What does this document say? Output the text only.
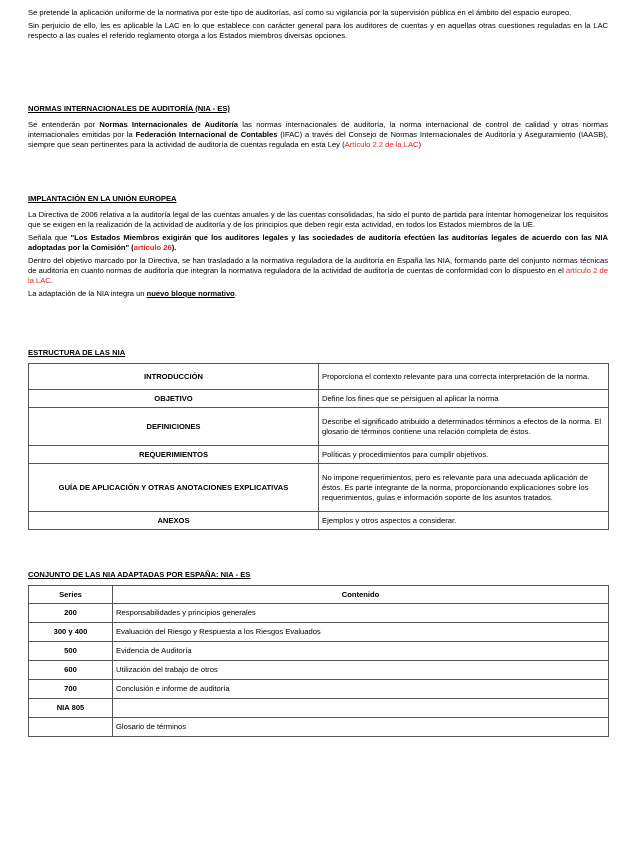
Se pretende la aplicación uniforme de la normativa por este tipo de auditorías, así como su vigilancia por la supervisión pública en el ámbito del espacio europeo.

Sin perjuicio de ello, les es aplicable la LAC en lo que establece con carácter general para los auditores de cuentas y en aquellas otras cuestiones reguladas en la LAC respecto a las cuales el referido reglamento otorga a los Estados miembros diversas opciones.

NORMAS INTERNACIONALES DE AUDITORÍA (NIA - ES)

Se entenderán por Normas Internacionales de Auditoría las normas internacionales de auditoría, la norma internacional de control de calidad y otras normas internacionales emitidas por la Federación Internacional de Contables (IFAC) a través del Consejo de Normas Internacionales de Auditoría y Aseguramiento (IAASB), siempre que sean pertinentes para la actividad de auditoría de cuentas regulada en esta Ley (Artículo 2.2 de la LAC)

IMPLANTACIÓN EN LA UNIÓN EUROPEA

La Directiva de 2006 relativa a la auditoría legal de las cuentas anuales y de las cuentas consolidadas, ha sido el punto de partida para intentar homogeneizar los requisitos que se exigen en la realización de la actividad de auditoría y de los principios que deben regir esta actividad, en todos los Estados miembros de la UE.

Señala que "Los Estados Miembros exigirán que los auditores legales y las sociedades de auditoría efectúen las auditorías legales de acuerdo con las NIA adoptadas por la Comisión" (artículo 26).

Dentro del objetivo marcado por la Directiva, se han trasladado a la normativa reguladora de la auditoría en España las NIA, formando parte del conjunto normas técnicas de auditoría en cuanto normas de auditoría que integran la normativa reguladora de la actividad de auditoría de cuentas de conformidad con lo dispuesto en el artículo 2 de la LAC.

La adaptación de la NIA integra un nuevo bloque normativo.

ESTRUCTURA DE LAS NIA
INTRODUCCIÓN	Proporciona el contexto relevante para una correcta interpretación de la norma.
OBJETIVO	Define los fines que se persiguen al aplicar la norma
DEFINICIONES	Describe el significado atribuido a determinados términos a efectos de la norma. El glosario de términos contiene una relación completa de éstos.
REQUERIMIENTOS	Políticas y procedimientos para cumplir objetivos.
GUÍA DE APLICACIÓN Y OTRAS ANOTACIONES EXPLICATIVAS	No impone requerimientos, pero es relevante para una adecuada aplicación de éstos. Es parte integrante de la norma, proporcionando explicaciones sobre los requerimientos, guías e información soporte de los asuntos tratados.
ANEXOS	Ejemplos y otros aspectos a considerar.
CONJUNTO DE LAS NIA ADAPTADAS POR ESPAÑA: NIA - ES
Series	Contenido
200	Responsabilidades y principios generales
300 y 400	Evaluación del Riesgo y Respuesta a los Riesgos Evaluados
500	Evidencia de Auditoría
600	Utilización del trabajo de otros
700	Conclusión e informe de auditoría
NIA 805	
	Glosario de términos
